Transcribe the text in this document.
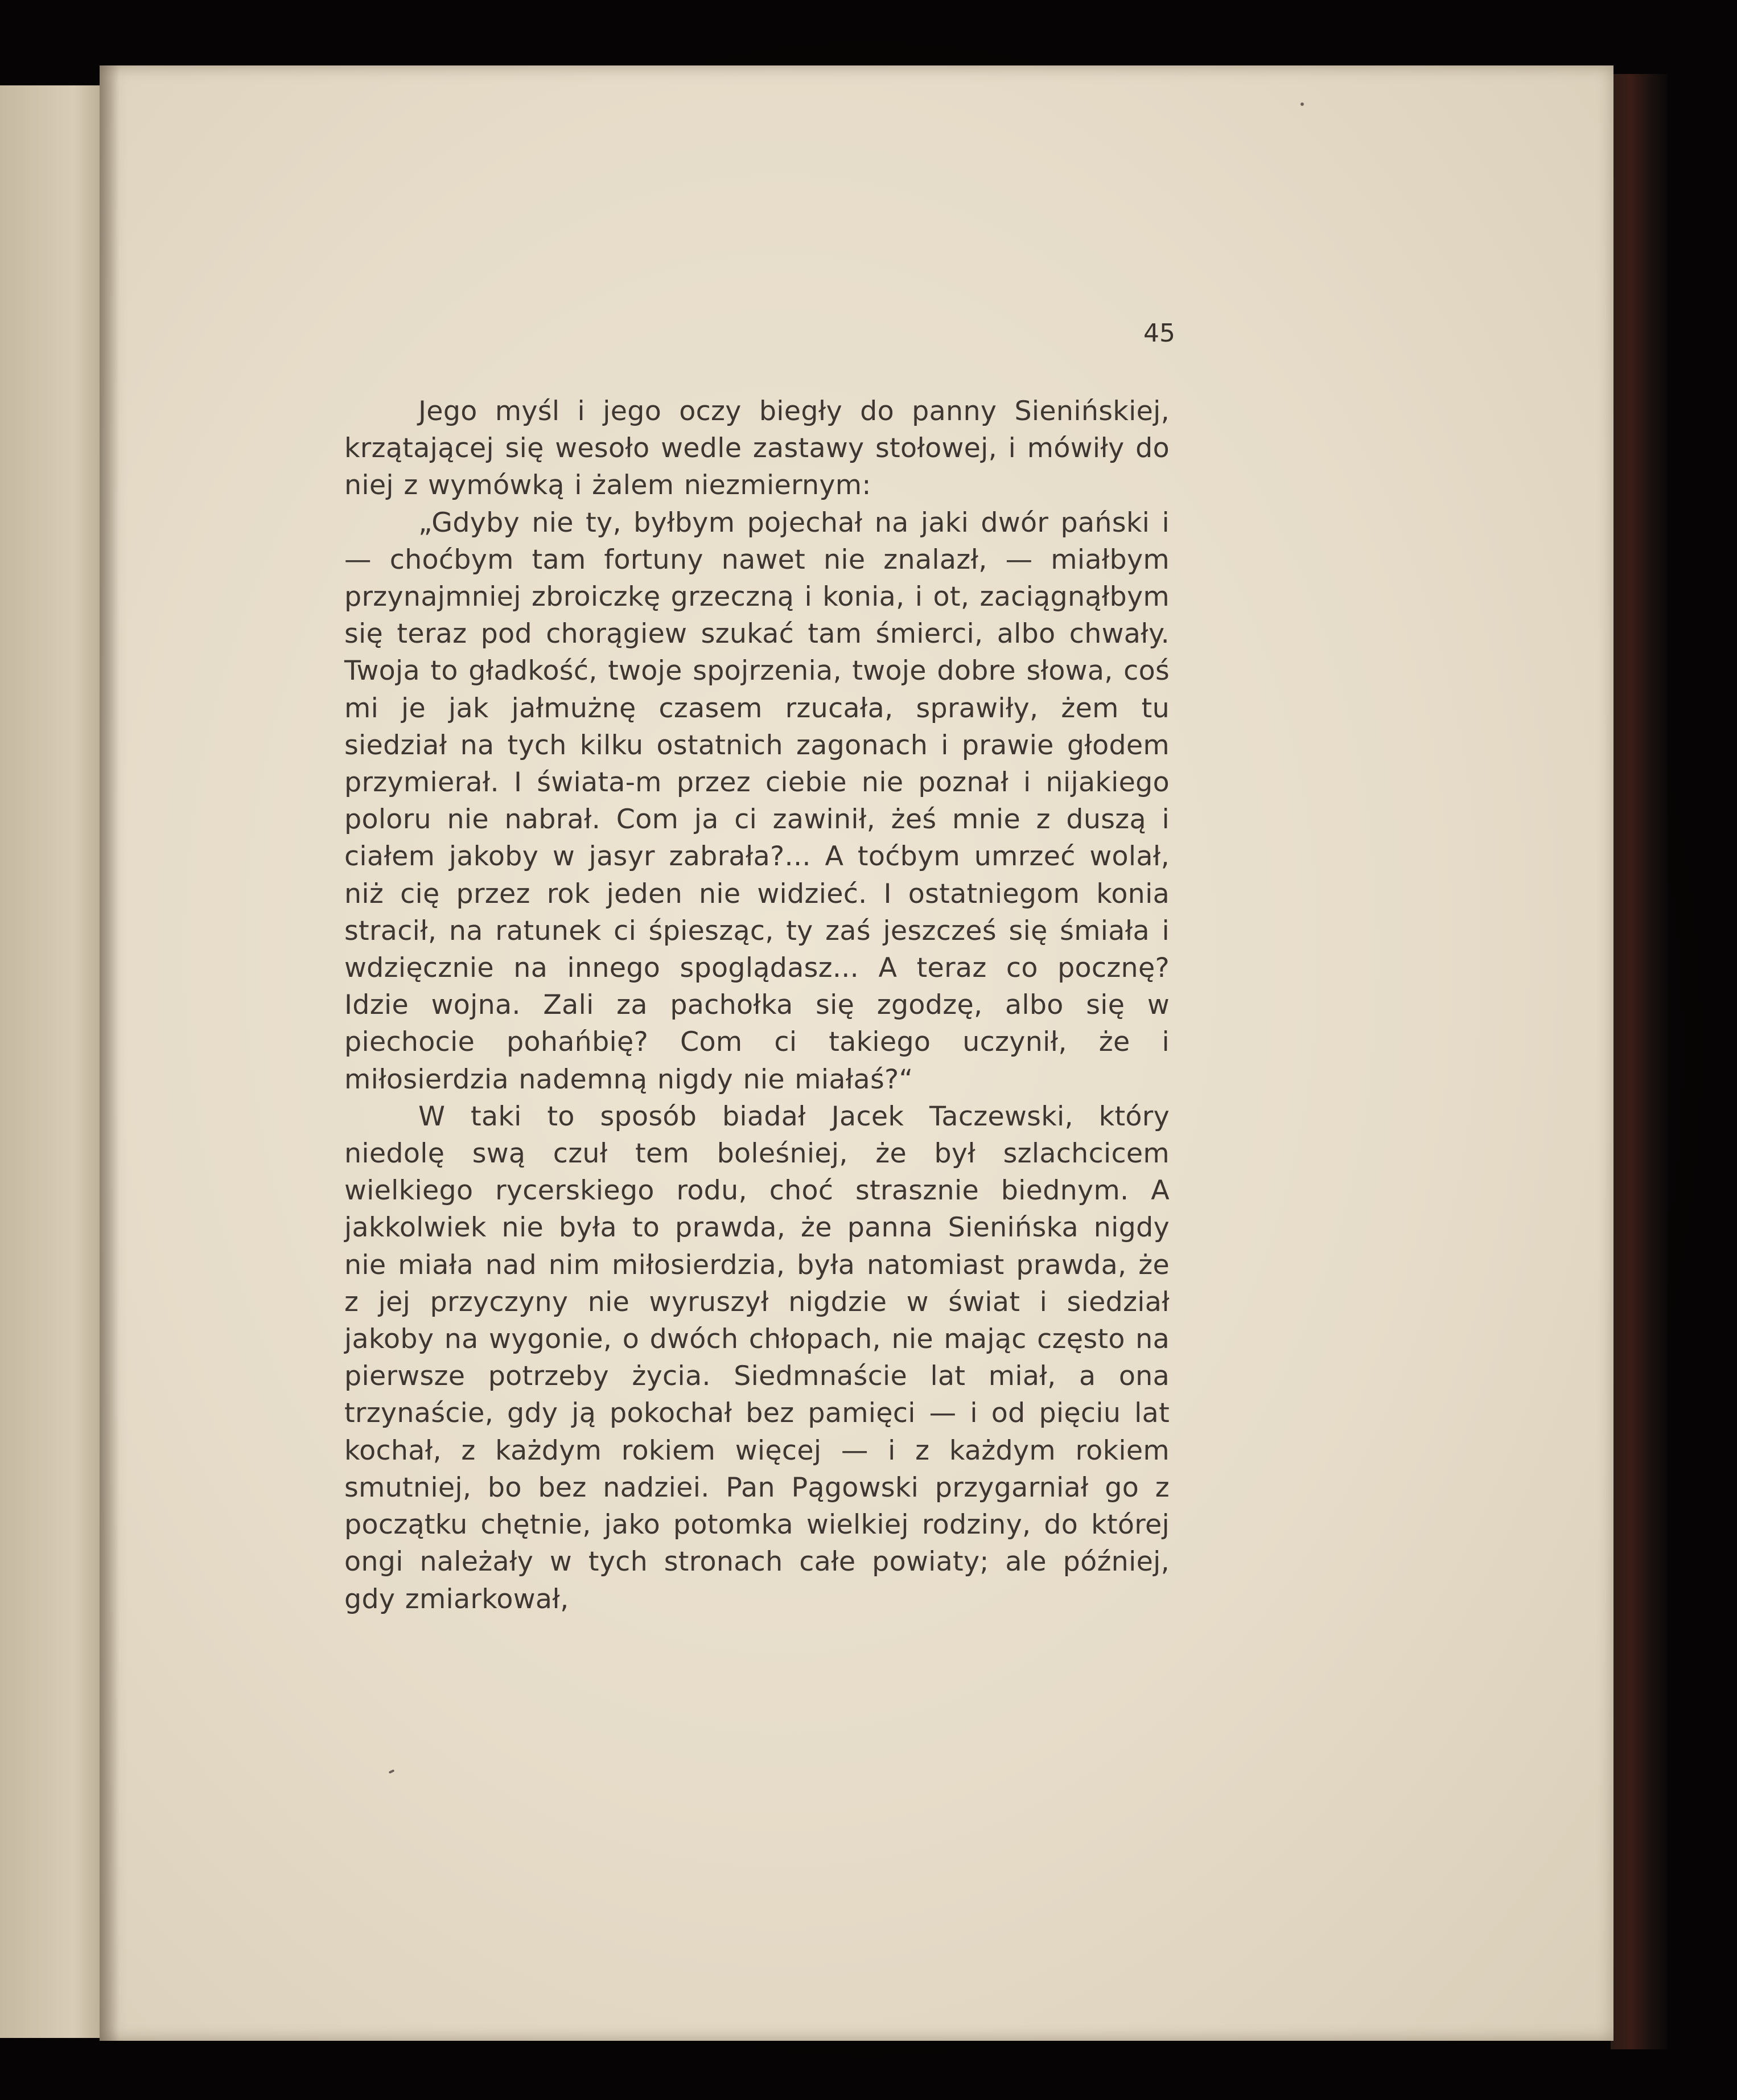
45

Jego myśl i jego oczy biegły do panny Sienińskiej, krzątającej się wesoło wedle zastawy stołowej, i mówiły do niej z wymówką i żalem niezmiernym:

„Gdyby nie ty, byłbym pojechał na jaki dwór pański i — choćbym tam fortuny nawet nie znalazł, — miałbym przynajmniej zbroiczkę grzeczną i konia, i ot, zaciągnąłbym się teraz pod chorągiew szukać tam śmierci, albo chwały. Twoja to gładkość, twoje spojrzenia, twoje dobre słowa, coś mi je jak jałmużnę czasem rzucała, sprawiły, żem tu siedział na tych kilku ostatnich zagonach i prawie głodem przymierał. I świata-m przez ciebie nie poznał i nijakiego poloru nie nabrał. Com ja ci zawinił, żeś mnie z duszą i ciałem jakoby w jasyr zabrała?... A toćbym umrzeć wolał, niż cię przez rok jeden nie widzieć. I ostatniegom konia stracił, na ratunek ci śpiesząc, ty zaś jeszcześ się śmiała i wdzięcznie na innego spoglądasz... A teraz co pocznę? Idzie wojna. Zali za pachołka się zgodzę, albo się w piechocie pohańbię? Com ci takiego uczynił, że i miłosierdzia nademną nigdy nie miałaś?“

W taki to sposób biadał Jacek Taczewski, który niedolę swą czuł tem boleśniej, że był szlachcicem wielkiego rycerskiego rodu, choć strasznie biednym. A jakkolwiek nie była to prawda, że panna Sienińska nigdy nie miała nad nim miłosierdzia, była natomiast prawda, że z jej przyczyny nie wyruszył nigdzie w świat i siedział jakoby na wygonie, o dwóch chłopach, nie mając często na pierwsze potrzeby życia. Siedmnaście lat miał, a ona trzynaście, gdy ją pokochał bez pamięci — i od pięciu lat kochał, z każdym rokiem więcej — i z każdym rokiem smutniej, bo bez nadziei. Pan Pągowski przygarniał go z początku chętnie, jako potomka wielkiej rodziny, do której ongi należały w tych stronach całe powiaty; ale później, gdy zmiarkował,
